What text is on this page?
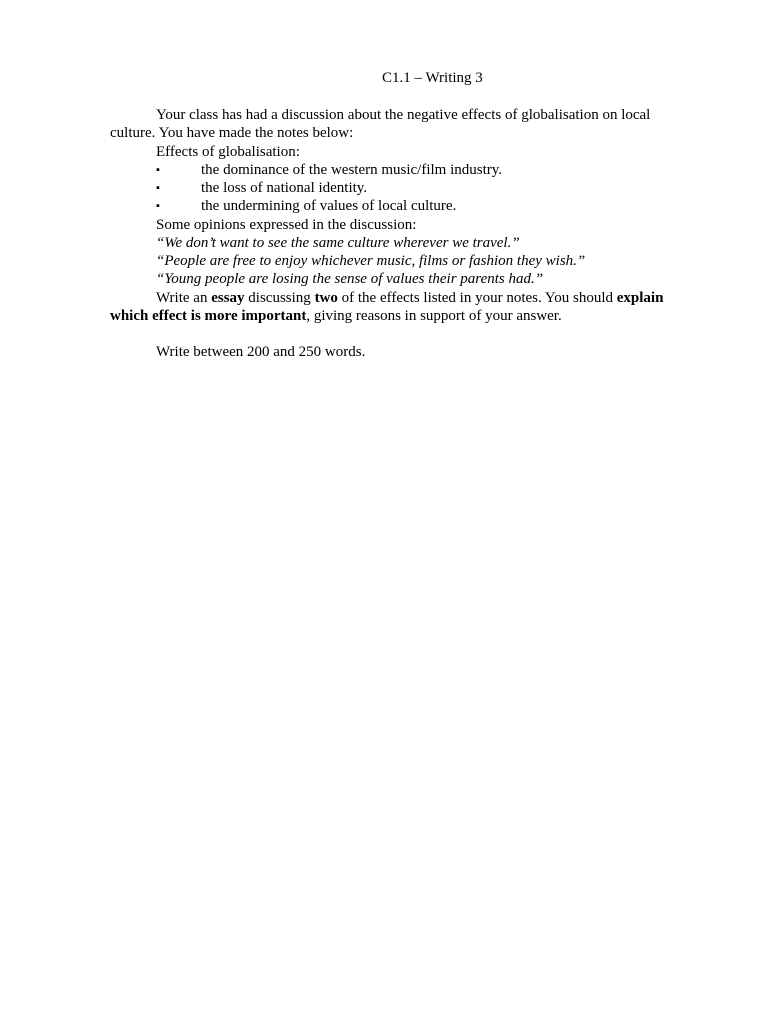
C1.1 – Writing 3

Your class has had a discussion about the negative effects of globalisation on local culture. You have made the notes below:

Effects of globalisation:

▪	the dominance of the western music/film industry.
▪	the loss of national identity.
▪	the undermining of values of local culture.

Some opinions expressed in the discussion:

“We don’t want to see the same culture wherever we travel.”

“People are free to enjoy whichever music, films or fashion they wish.”

“Young people are losing the sense of values their parents had.”

Write an essay discussing two of the effects listed in your notes. You should explain which effect is more important, giving reasons in support of your answer.

Write between 200 and 250 words.
